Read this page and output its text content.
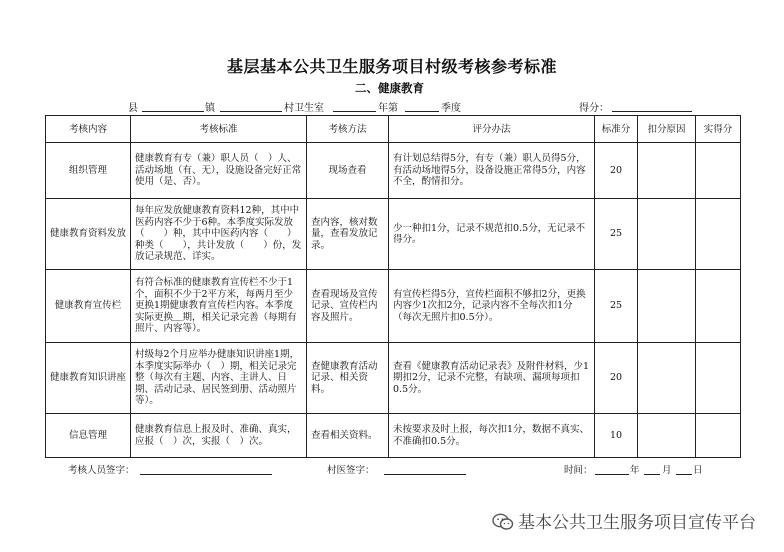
基层基本公共卫生服务项目村级考核参考标准
二、健康教育
县	镇	村卫生室	年第	季度	得分：
考核内容	考核标准	考核方法	评分办法	标准分	扣分原因	实得分
组织管理	健康教育有专（兼）职人员（　）人、活动场地（有、无），设施设备完好正常使用（是、否）。	现场查看	有计划总结得5分，有专（兼）职人员得5分，有活动场地得5分，设备设施正常得5分，内容不全，酌情扣分。	20		
健康教育资料发放	每年应发放健康教育资料12种，其中中医药内容不少于6种。本季度实际发放（　　）种，其中中医药内容（　　）种类（　　），共计发放（　　）份，发放记录规范、详实。	查内容，核对数量，查看发放记录。	少一种扣1分，记录不规范扣0.5分，无记录不得分。	25		
健康教育宣传栏	有符合标准的健康教育宣传栏不少于1个，面积不少于2平方米，每两月至少更换1期健康教育宣传栏内容。本季度实际更换＿期，相关记录完善（每期有照片、内容等）。	查看现场及宣传记录、宣传栏内容及照片。	有宣传栏得5分，宣传栏面积不够扣2分，更换内容少1次扣2分，记录内容不全每次扣1分（每次无照片扣0.5分）。	25		
健康教育知识讲座	村级每2个月应举办健康知识讲座1期，本季度实际举办（　）期，相关记录完整（每次有主题、内容、主讲人、日期、活动记录、居民签到册、活动照片等）。	查健康教育活动记录、相关资料。	查看《健康教育活动记录表》及附件材料，少1期扣2分，记录不完整，有缺项、漏项每项扣0.5分。	20		
信息管理	健康教育信息上报及时、准确、真实，应报（　）次，实报（　）次。	查看相关资料。	未按要求及时上报，每次扣1分，数据不真实、不准确扣0.5分。	10		
考核人员签字：	村医签字：	时间：	年 月 日
基本公共卫生服务项目宣传平台
